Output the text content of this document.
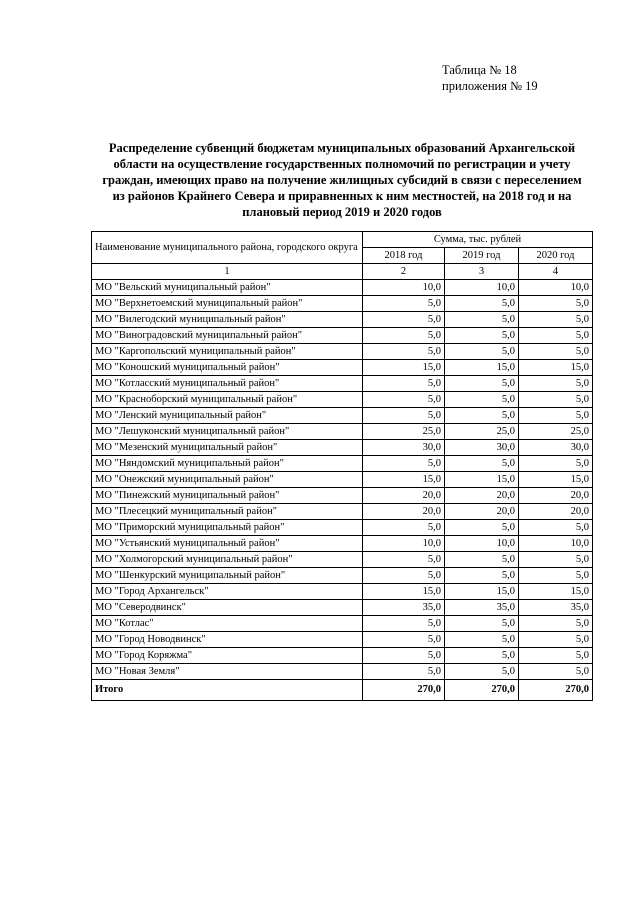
Таблица № 18
приложения № 19
Распределение субвенций бюджетам муниципальных образований Архангельской
области на осуществление государственных полномочий по регистрации и учету
граждан, имеющих право на получение жилищных субсидий в связи с переселением
из районов Крайнего Севера и приравненных к ним местностей, на 2018 год и на
плановый период 2019 и 2020 годов
Наименование муниципального района, городского округа	Сумма, тыс. рублей		
	2018 год	2019 год	2020 год
1	2	3	4
МО "Вельский муниципальный район"	10,0	10,0	10,0
МО "Верхнетоемский муниципальный район"	5,0	5,0	5,0
МО "Вилегодский муниципальный район"	5,0	5,0	5,0
МО "Виноградовский муниципальный район"	5,0	5,0	5,0
МО "Каргопольский муниципальный район"	5,0	5,0	5,0
МО "Коношский муниципальный район"	15,0	15,0	15,0
МО "Котласский муниципальный район"	5,0	5,0	5,0
МО "Красноборский муниципальный район"	5,0	5,0	5,0
МО "Ленский муниципальный район"	5,0	5,0	5,0
МО "Лешуконский муниципальный район"	25,0	25,0	25,0
МО "Мезенский муниципальный район"	30,0	30,0	30,0
МО "Няндомский муниципальный район"	5,0	5,0	5,0
МО "Онежский муниципальный район"	15,0	15,0	15,0
МО "Пинежский муниципальный район"	20,0	20,0	20,0
МО "Плесецкий муниципальный район"	20,0	20,0	20,0
МО "Приморский муниципальный район"	5,0	5,0	5,0
МО "Устьянский муниципальный район"	10,0	10,0	10,0
МО "Холмогорский муниципальный район"	5,0	5,0	5,0
МО "Шенкурский муниципальный район"	5,0	5,0	5,0
МО "Город Архангельск"	15,0	15,0	15,0
МО "Северодвинск"	35,0	35,0	35,0
МО "Котлас"	5,0	5,0	5,0
МО "Город Новодвинск"	5,0	5,0	5,0
МО "Город Коряжма"	5,0	5,0	5,0
МО "Новая Земля"	5,0	5,0	5,0
Итого	270,0	270,0	270,0
